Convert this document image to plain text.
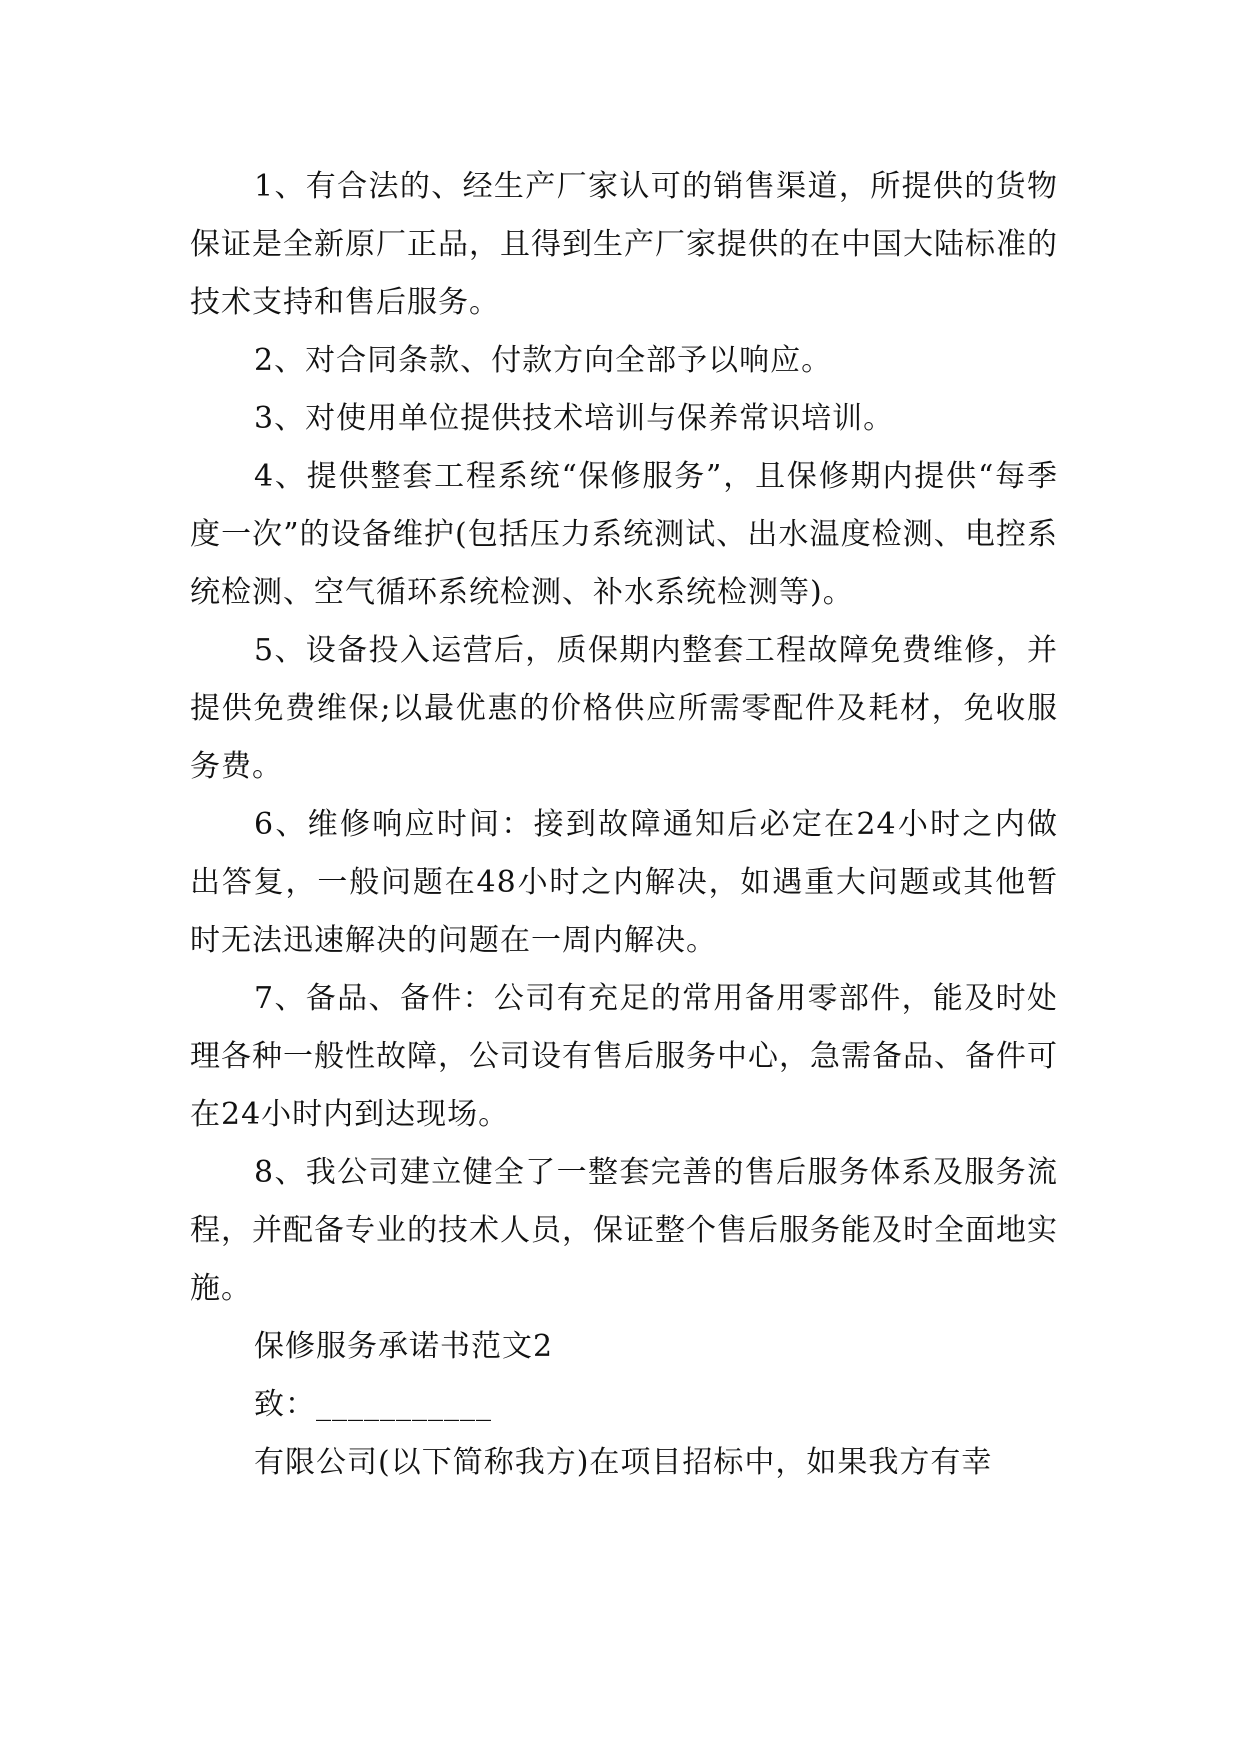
1、有合法的、经生产厂家认可的销售渠道，所提供的货物保证是全新原厂正品，且得到生产厂家提供的在中国大陆标准的技术支持和售后服务。

2、对合同条款、付款方向全部予以响应。

3、对使用单位提供技术培训与保养常识培训。

4、提供整套工程系统“保修服务”，且保修期内提供“每季度一次”的设备维护(包括压力系统测试、出水温度检测、电控系统检测、空气循环系统检测、补水系统检测等)。

5、设备投入运营后，质保期内整套工程故障免费维修，并提供免费维保;以最优惠的价格供应所需零配件及耗材，免收服务费。

6、维修响应时间：接到故障通知后必定在24小时之内做出答复，一般问题在48小时之内解决，如遇重大问题或其他暂时无法迅速解决的问题在一周内解决。

7、备品、备件：公司有充足的常用备用零部件，能及时处理各种一般性故障，公司设有售后服务中心，急需备品、备件可在24小时内到达现场。

8、我公司建立健全了一整套完善的售后服务体系及服务流程，并配备专业的技术人员，保证整个售后服务能及时全面地实施。

保修服务承诺书范文2

致：___________

有限公司(以下简称我方)在项目招标中，如果我方有幸
